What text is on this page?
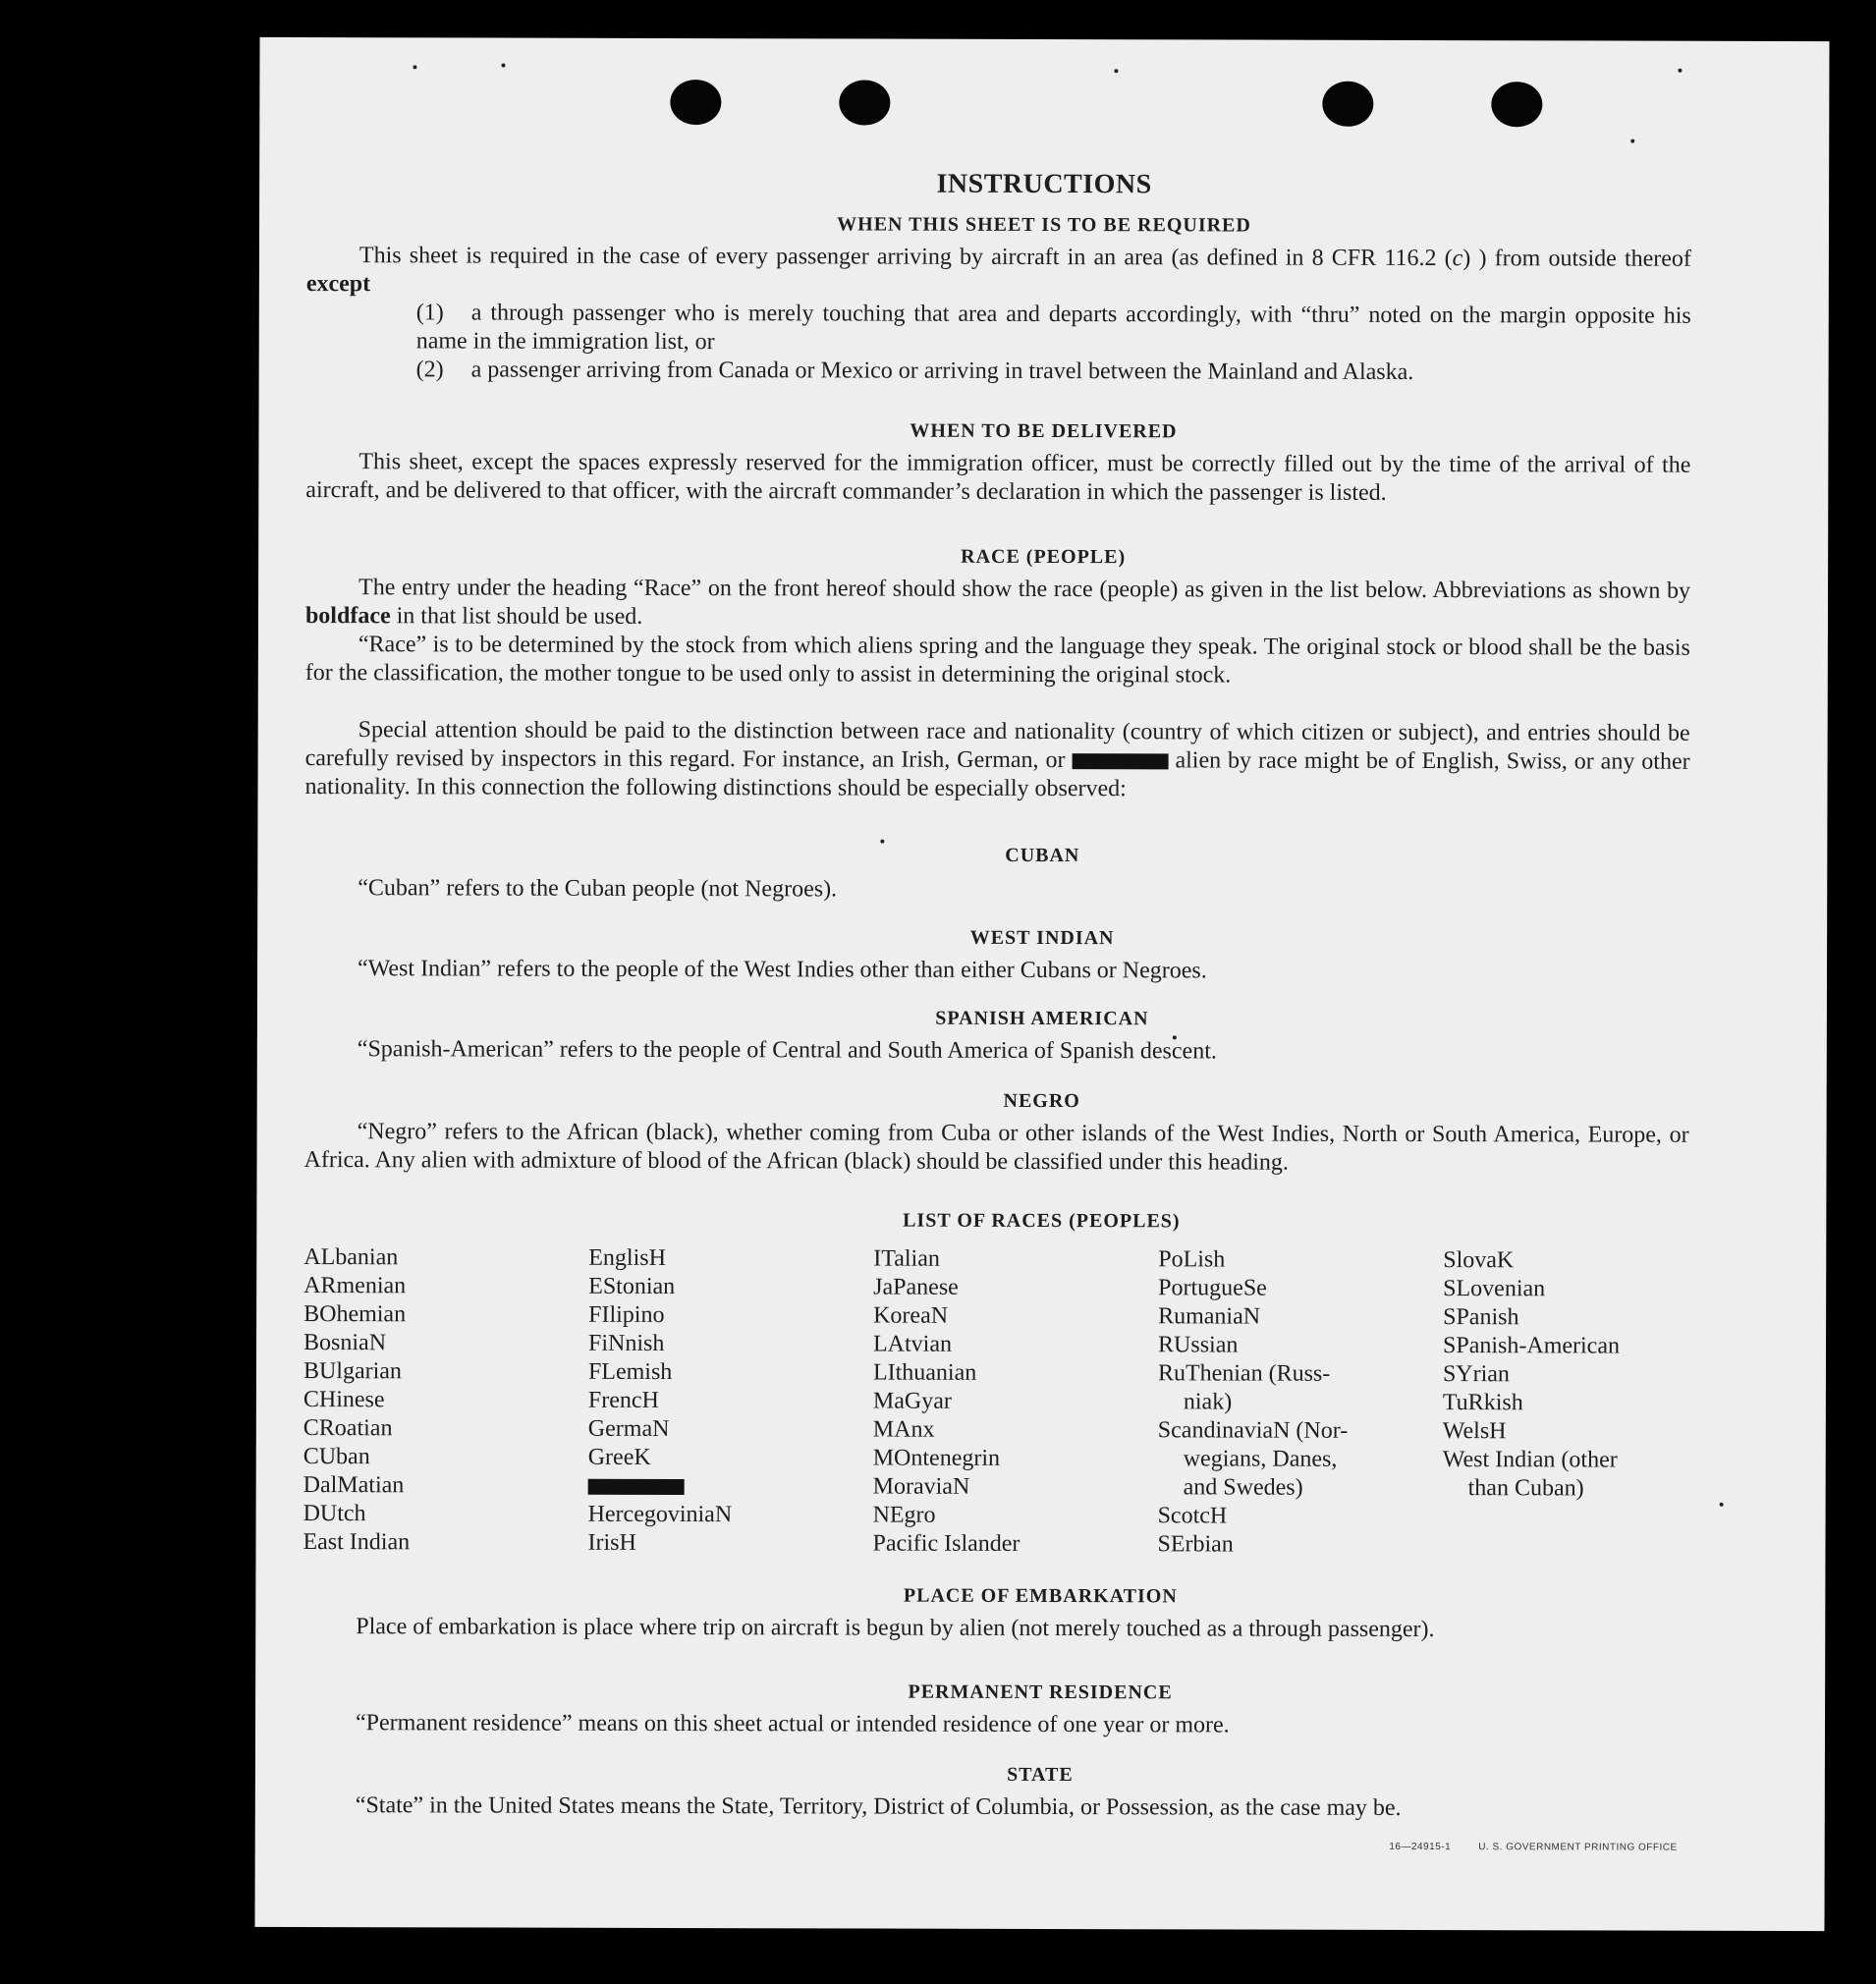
INSTRUCTIONS
WHEN THIS SHEET IS TO BE REQUIRED
This sheet is required in the case of every passenger arriving by aircraft in an area (as defined in 8 CFR 116.2 (c) ) from outside thereof except
(1) a through passenger who is merely touching that area and departs accordingly, with “thru” noted on the margin opposite his name in the immigration list, or
(2) a passenger arriving from Canada or Mexico or arriving in travel between the Mainland and Alaska.
WHEN TO BE DELIVERED
This sheet, except the spaces expressly reserved for the immigration officer, must be correctly filled out by the time of the arrival of the aircraft, and be delivered to that officer, with the aircraft commander’s declaration in which the passenger is listed.
RACE (PEOPLE)
The entry under the heading “Race” on the front hereof should show the race (people) as given in the list below. Abbreviations as shown by boldface in that list should be used.
“Race” is to be determined by the stock from which aliens spring and the language they speak. The original stock or blood shall be the basis for the classification, the mother tongue to be used only to assist in determining the original stock.
Special attention should be paid to the distinction between race and nationality (country of which citizen or subject), and entries should be carefully revised by inspectors in this regard. For instance, an Irish, German, or	alien by race might be of English, Swiss, or any other nationality. In this connection the following distinctions should be especially observed:
CUBAN
“Cuban” refers to the Cuban people (not Negroes).
WEST INDIAN
“West Indian” refers to the people of the West Indies other than either Cubans or Negroes.
SPANISH AMERICAN
“Spanish-American” refers to the people of Central and South America of Spanish descent.
NEGRO
“Negro” refers to the African (black), whether coming from Cuba or other islands of the West Indies, North or South America, Europe, or Africa. Any alien with admixture of blood of the African (black) should be classified under this heading.
LIST OF RACES (PEOPLES)
ALbanian
ARmenian
BOhemian
BosniaN
BUlgarian
CHinese
CRoatian
CUban
DalMatian
DUtch
East Indian
EnglisH
EStonian
FIlipino
FiNnish
FLemish
FrencH
GermaN
GreeK
HercegoviniaN
IrisH
ITalian
JaPanese
KoreaN
LAtvian
LIthuanian
MaGyar
MAnx
MOntenegrin
MoraviaN
NEgro
Pacific Islander
PoLish
PortugueSe
RumaniaN
RUssian
RuThenian (Russ-
niak)
ScandinaviaN (Nor-
wegians, Danes,
and Swedes)
ScotcH
SErbian
SlovaK
SLovenian
SPanish
SPanish-American
SYrian
TuRkish
WelsH
West Indian (other
than Cuban)
PLACE OF EMBARKATION
Place of embarkation is place where trip on aircraft is begun by alien (not merely touched as a through passenger).
PERMANENT RESIDENCE
“Permanent residence” means on this sheet actual or intended residence of one year or more.
STATE
“State” in the United States means the State, Territory, District of Columbia, or Possession, as the case may be.
16—24915-1	U. S. GOVERNMENT PRINTING OFFICE
